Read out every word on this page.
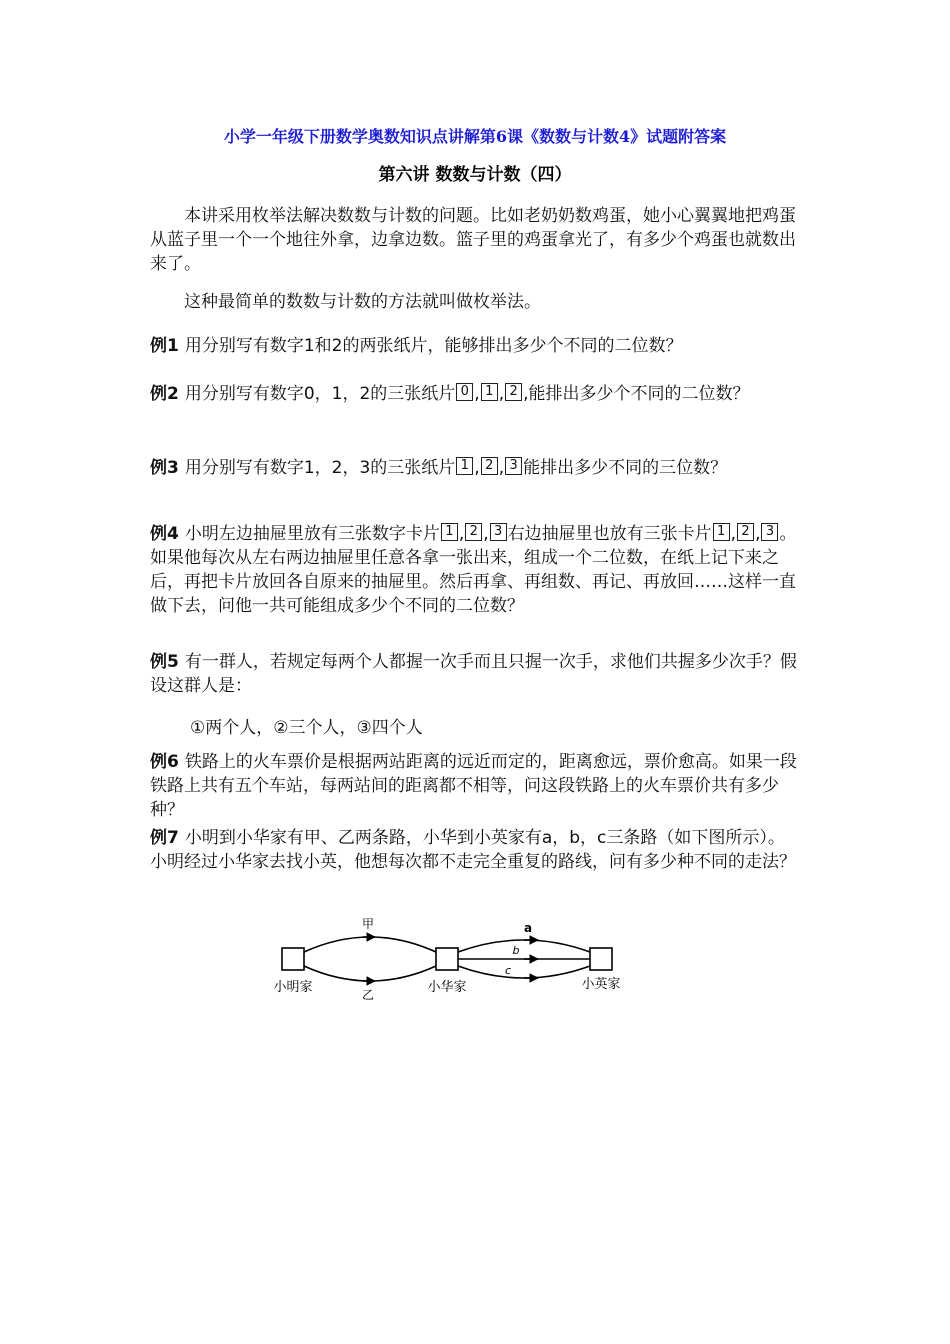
小学一年级下册数学奥数知识点讲解第6课《数数与计数4》试题附答案
第六讲 数数与计数（四）
本讲采用枚举法解决数数与计数的问题。比如老奶奶数鸡蛋，她小心翼翼地把鸡蛋从蓝子里一个一个地往外拿，边拿边数。篮子里的鸡蛋拿光了，有多少个鸡蛋也就数出来了。
这种最简单的数数与计数的方法就叫做枚举法。
例1 用分别写有数字1和2的两张纸片，能够排出多少个不同的二位数？
例2 用分别写有数字0，1，2的三张纸片 0 , 1 , 2 ,能排出多少个不同的二位数？
例3 用分别写有数字1，2，3的三张纸片 1 , 2 , 3 能排出多少不同的三位数？
例4 小明左边抽屉里放有三张数字卡片 1 , 2 , 3 右边抽屉里也放有三张卡片 1 , 2 , 3 。如果他每次从左右两边抽屉里任意各拿一张出来，组成一个二位数，在纸上记下来之后，再把卡片放回各自原来的抽屉里。然后再拿、再组数、再记、再放回……这样一直做下去，问他一共可能组成多少个不同的二位数？
例5 有一群人，若规定每两个人都握一次手而且只握一次手，求他们共握多少次手？假设这群人是：
①两个人，②三个人，③四个人
例6 铁路上的火车票价是根据两站距离的远近而定的，距离愈远，票价愈高。如果一段铁路上共有五个车站，每两站间的距离都不相等，问这段铁路上的火车票价共有多少种？
例7 小明到小华家有甲、乙两条路，小华到小英家有a，b，c三条路（如下图所示）。小明经过小华家去找小英，他想每次都不走完全重复的路线，问有多少种不同的走法？
甲
乙
a
b
c
小明家	小华家	小英家
